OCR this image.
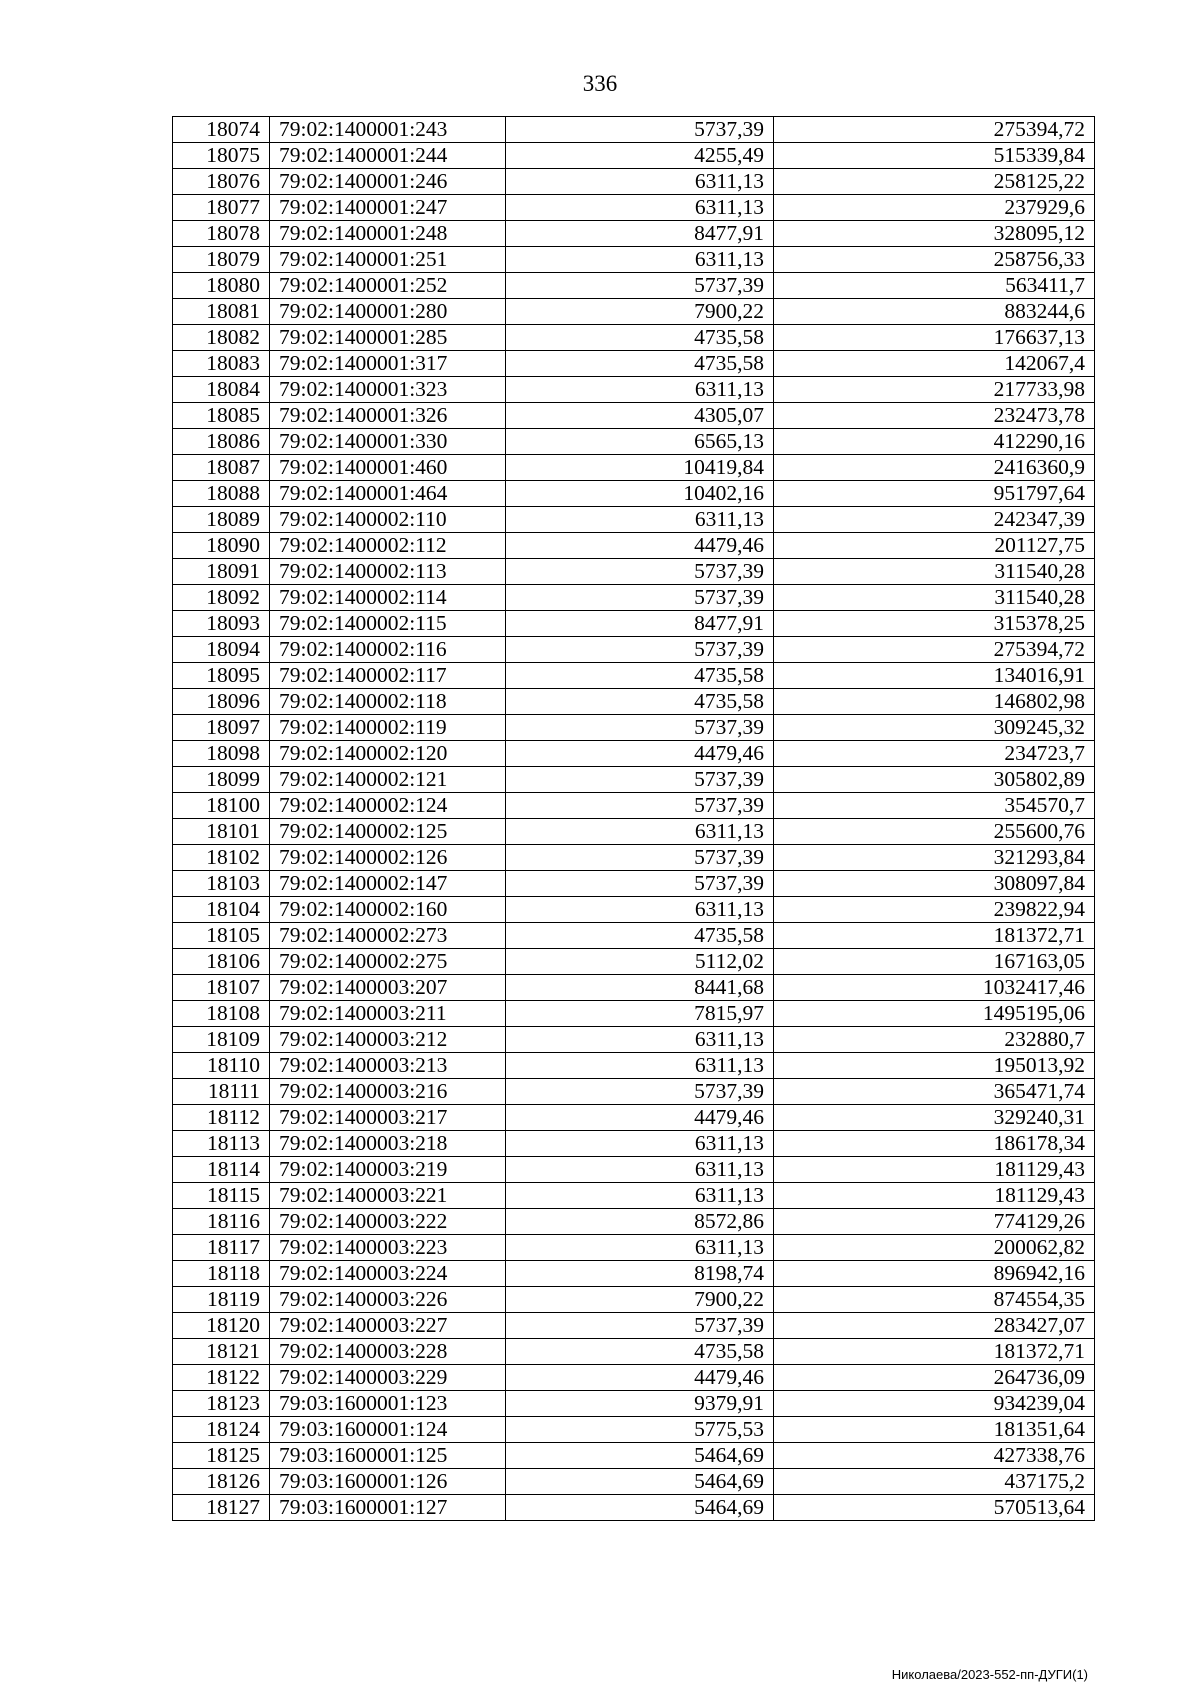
336
18074	79:02:1400001:243	5737,39	275394,72
18075	79:02:1400001:244	4255,49	515339,84
18076	79:02:1400001:246	6311,13	258125,22
18077	79:02:1400001:247	6311,13	237929,6
18078	79:02:1400001:248	8477,91	328095,12
18079	79:02:1400001:251	6311,13	258756,33
18080	79:02:1400001:252	5737,39	563411,7
18081	79:02:1400001:280	7900,22	883244,6
18082	79:02:1400001:285	4735,58	176637,13
18083	79:02:1400001:317	4735,58	142067,4
18084	79:02:1400001:323	6311,13	217733,98
18085	79:02:1400001:326	4305,07	232473,78
18086	79:02:1400001:330	6565,13	412290,16
18087	79:02:1400001:460	10419,84	2416360,9
18088	79:02:1400001:464	10402,16	951797,64
18089	79:02:1400002:110	6311,13	242347,39
18090	79:02:1400002:112	4479,46	201127,75
18091	79:02:1400002:113	5737,39	311540,28
18092	79:02:1400002:114	5737,39	311540,28
18093	79:02:1400002:115	8477,91	315378,25
18094	79:02:1400002:116	5737,39	275394,72
18095	79:02:1400002:117	4735,58	134016,91
18096	79:02:1400002:118	4735,58	146802,98
18097	79:02:1400002:119	5737,39	309245,32
18098	79:02:1400002:120	4479,46	234723,7
18099	79:02:1400002:121	5737,39	305802,89
18100	79:02:1400002:124	5737,39	354570,7
18101	79:02:1400002:125	6311,13	255600,76
18102	79:02:1400002:126	5737,39	321293,84
18103	79:02:1400002:147	5737,39	308097,84
18104	79:02:1400002:160	6311,13	239822,94
18105	79:02:1400002:273	4735,58	181372,71
18106	79:02:1400002:275	5112,02	167163,05
18107	79:02:1400003:207	8441,68	1032417,46
18108	79:02:1400003:211	7815,97	1495195,06
18109	79:02:1400003:212	6311,13	232880,7
18110	79:02:1400003:213	6311,13	195013,92
18111	79:02:1400003:216	5737,39	365471,74
18112	79:02:1400003:217	4479,46	329240,31
18113	79:02:1400003:218	6311,13	186178,34
18114	79:02:1400003:219	6311,13	181129,43
18115	79:02:1400003:221	6311,13	181129,43
18116	79:02:1400003:222	8572,86	774129,26
18117	79:02:1400003:223	6311,13	200062,82
18118	79:02:1400003:224	8198,74	896942,16
18119	79:02:1400003:226	7900,22	874554,35
18120	79:02:1400003:227	5737,39	283427,07
18121	79:02:1400003:228	4735,58	181372,71
18122	79:02:1400003:229	4479,46	264736,09
18123	79:03:1600001:123	9379,91	934239,04
18124	79:03:1600001:124	5775,53	181351,64
18125	79:03:1600001:125	5464,69	427338,76
18126	79:03:1600001:126	5464,69	437175,2
18127	79:03:1600001:127	5464,69	570513,64
Николаева/2023-552-пп-ДУГИ(1)
